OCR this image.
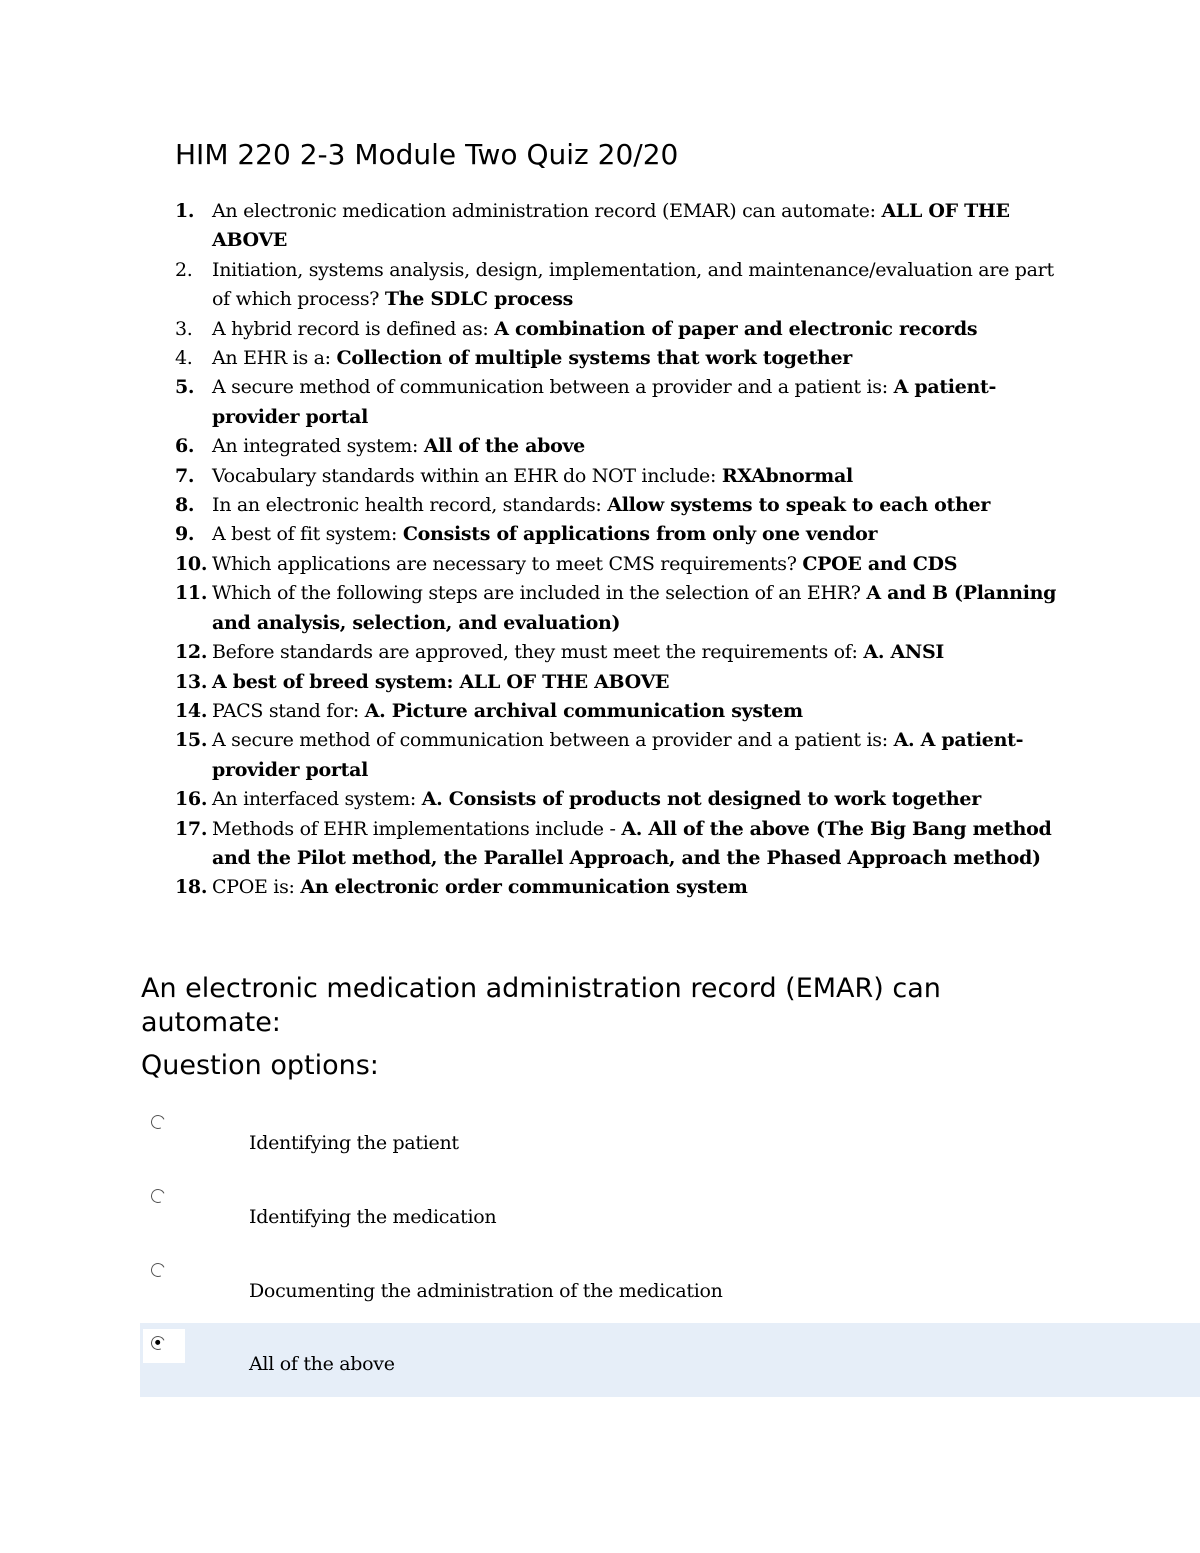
HIM 220 2-3 Module Two Quiz 20/20
1. An electronic medication administration record (EMAR) can automate: ALL OF THE ABOVE
2. Initiation, systems analysis, design, implementation, and maintenance/evaluation are part of which process? The SDLC process
3. A hybrid record is defined as: A combination of paper and electronic records
4. An EHR is a: Collection of multiple systems that work together
5. A secure method of communication between a provider and a patient is: A patient-provider portal
6. An integrated system: All of the above
7. Vocabulary standards within an EHR do NOT include: RXAbnormal
8. In an electronic health record, standards: Allow systems to speak to each other
9. A best of fit system: Consists of applications from only one vendor
10. Which applications are necessary to meet CMS requirements? CPOE and CDS
11. Which of the following steps are included in the selection of an EHR? A and B (Planning and analysis, selection, and evaluation)
12. Before standards are approved, they must meet the requirements of: A. ANSI
13. A best of breed system: ALL OF THE ABOVE
14. PACS stand for: A. Picture archival communication system
15. A secure method of communication between a provider and a patient is: A. A patient-provider portal
16. An interfaced system: A. Consists of products not designed to work together
17. Methods of EHR implementations include - A. All of the above (The Big Bang method and the Pilot method, the Parallel Approach, and the Phased Approach method)
18. CPOE is: An electronic order communication system
An electronic medication administration record (EMAR) can automate:
Question options:
Identifying the patient
Identifying the medication
Documenting the administration of the medication
All of the above
